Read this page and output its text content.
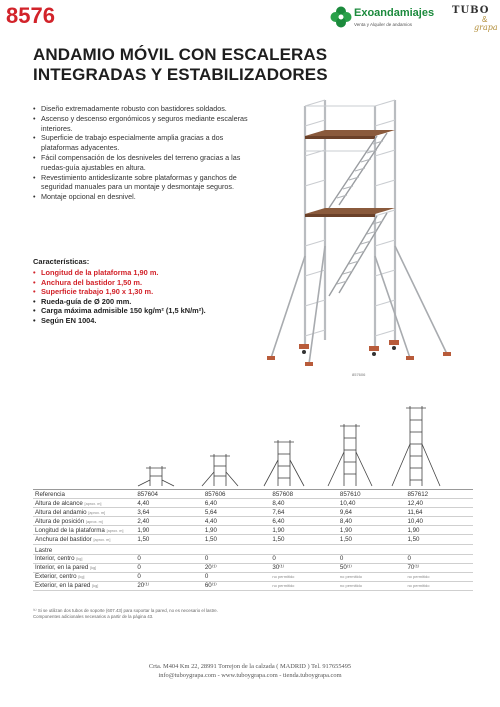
8576	Exoandamiajes
Venta y Alquiler de andamios
TUBO
&
grapa
ANDAMIO MÓVIL CON ESCALERAS
INTEGRADAS Y ESTABILIZADORES
• Diseño extremadamente robusto con bastidores soldados.
• Ascenso y descenso ergonómicos y seguros mediante escaleras interiores.
• Superficie de trabajo especialmente amplia gracias a dos plataformas adyacentes.
• Fácil compensación de los desniveles del terreno gracias a las ruedas-guía ajustables en altura.
• Revestimiento antideslizante sobre plataformas y ganchos de seguridad manuales para un montaje y desmontaje seguros.
• Montaje opcional en desnivel.
Características:
• Longitud de la plataforma 1,90 m.
• Anchura del bastidor 1,50 m.
• Superficie trabajo 1,90 x 1,30 m.
• Rueda-guía de Ø 200 mm.
• Carga máxima admisible 150 kg/m² (1,5 kN/m²).
• Según EN 1004.
857606
Referencia	857604	857606	857608	857610	857612
Altura de alcance [aprox. m]	4,40	6,40	8,40	10,40	12,40
Altura del andamio [aprox. m]	3,64	5,64	7,64	9,64	11,64
Altura de posición [aprox. m]	2,40	4,40	6,40	8,40	10,40
Longitud de la plataforma [aprox. m]	1,90	1,90	1,90	1,90	1,90
Anchura del bastidor [aprox. m]	1,50	1,50	1,50	1,50	1,50
Lastre					
Interior, centro [kg]	0	0	0	0	0
Interior, en la pared [kg]	0	20⁽¹⁾	30⁽¹⁾	50⁽¹⁾	70⁽¹⁾
Exterior, centro [kg]	0	0	no permitido	no permitido	no permitido
Exterior, en la pared [kg]	20⁽¹⁾	60⁽¹⁾	no permitido	no permitido	no permitido
⁽¹⁾ Si se utilizan dos tubos de soporte (607.43) para soportar la pared, no es necesario el lastre.
Componentes adicionales necesarios a partir de la página 43.
Crta. M404 Km 22, 28991 Torrejon de la calzada ( MADRID ) Tel. 917655495
info@tuboygrapa.com - www.tuboygrapa.com - tienda.tuboygrapa.com
